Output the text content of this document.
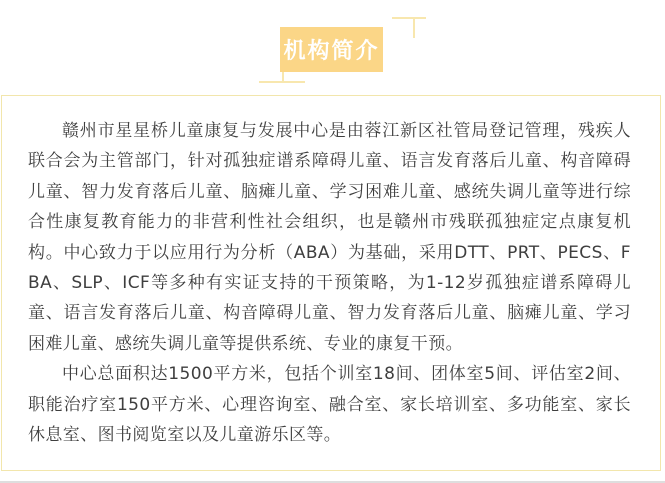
机构简介

赣州市星星桥儿童康复与发展中心是由蓉江新区社管局登记管理，残疾人联合会为主管部门，针对孤独症谱系障碍儿童、语言发育落后儿童、构音障碍儿童、智力发育落后儿童、脑瘫儿童、学习困难儿童、感统失调儿童等进行综合性康复教育能力的非营利性社会组织，也是赣州市残联孤独症定点康复机构。中心致力于以应用行为分析（ABA）为基础，采用DTT、PRT、PECS、FBA、SLP、ICF等多种有实证支持的干预策略，为1-12岁孤独症谱系障碍儿童、语言发育落后儿童、构音障碍儿童、智力发育落后儿童、脑瘫儿童、学习困难儿童、感统失调儿童等提供系统、专业的康复干预。

中心总面积达1500平方米，包括个训室18间、团体室5间、评估室2间、职能治疗室150平方米、心理咨询室、融合室、家长培训室、多功能室、家长休息室、图书阅览室以及儿童游乐区等。
